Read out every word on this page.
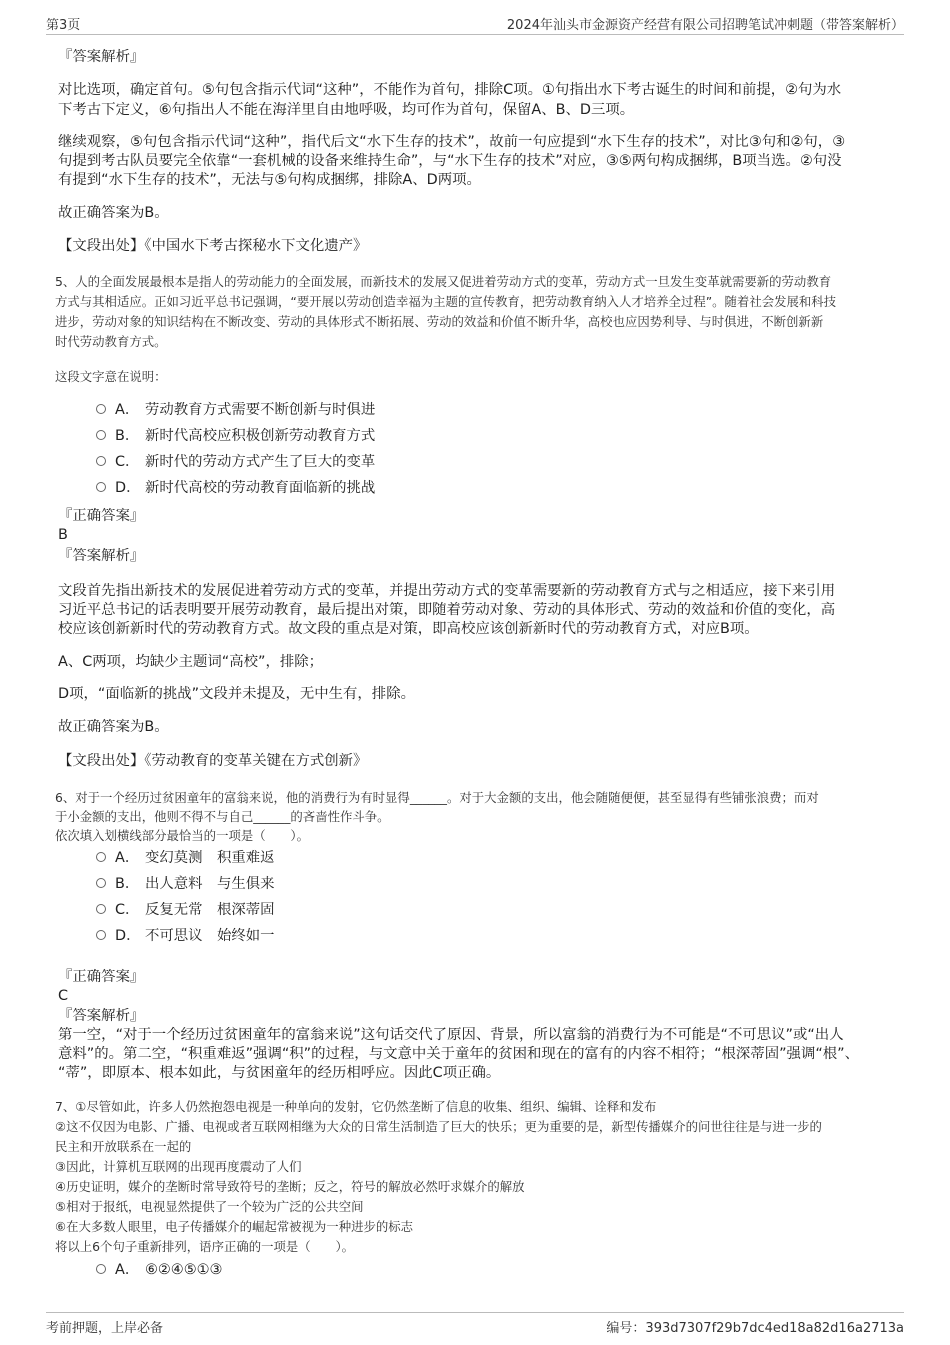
第3页	2024年汕头市金源资产经营有限公司招聘笔试冲刺题（带答案解析）
『答案解析』
对比选项，确定首句。⑤句包含指示代词“这种”，不能作为首句，排除C项。①句指出水下考古诞生的时间和前提，②句为水
下考古下定义，⑥句指出人不能在海洋里自由地呼吸，均可作为首句，保留A、B、D三项。
继续观察，⑤句包含指示代词“这种”，指代后文“水下生存的技术”，故前一句应提到“水下生存的技术”，对比③句和②句，③
句提到考古队员要完全依靠“一套机械的设备来维持生命”，与“水下生存的技术”对应，③⑤两句构成捆绑，B项当选。②句没
有提到“水下生存的技术”，无法与⑤句构成捆绑，排除A、D两项。
故正确答案为B。
【文段出处】《中国水下考古探秘水下文化遗产》
5、人的全面发展最根本是指人的劳动能力的全面发展，而新技术的发展又促进着劳动方式的变革，劳动方式一旦发生变革就需要新的劳动教育
方式与其相适应。正如习近平总书记强调，“要开展以劳动创造幸福为主题的宣传教育，把劳动教育纳入人才培养全过程”。随着社会发展和科技
进步，劳动对象的知识结构在不断改变、劳动的具体形式不断拓展、劳动的效益和价值不断升华，高校也应因势利导、与时俱进，不断创新新
时代劳动教育方式。
这段文字意在说明：
A． 劳动教育方式需要不断创新与时俱进
B． 新时代高校应积极创新劳动教育方式
C． 新时代的劳动方式产生了巨大的变革
D． 新时代高校的劳动教育面临新的挑战
『正确答案』
B
『答案解析』
文段首先指出新技术的发展促进着劳动方式的变革，并提出劳动方式的变革需要新的劳动教育方式与之相适应，接下来引用
习近平总书记的话表明要开展劳动教育，最后提出对策，即随着劳动对象、劳动的具体形式、劳动的效益和价值的变化，高
校应该创新新时代的劳动教育方式。故文段的重点是对策，即高校应该创新新时代的劳动教育方式，对应B项。
A、C两项，均缺少主题词“高校”，排除；
D项，“面临新的挑战”文段并未提及，无中生有，排除。
故正确答案为B。
【文段出处】《劳动教育的变革关键在方式创新》
6、对于一个经历过贫困童年的富翁来说，他的消费行为有时显得______。对于大金额的支出，他会随随便便，甚至显得有些铺张浪费；而对
于小金额的支出，他则不得不与自己______的吝啬性作斗争。
依次填入划横线部分最恰当的一项是（　　）。
A． 变幻莫测　积重难返
B． 出人意料　与生俱来
C． 反复无常　根深蒂固
D． 不可思议　始终如一
『正确答案』
C
『答案解析』
第一空，“对于一个经历过贫困童年的富翁来说”这句话交代了原因、背景，所以富翁的消费行为不可能是“不可思议”或“出人
意料”的。第二空，“积重难返”强调“积”的过程，与文意中关于童年的贫困和现在的富有的内容不相符；“根深蒂固”强调“根”、
“蒂”，即原本、根本如此，与贫困童年的经历相呼应。因此C项正确。
7、①尽管如此，许多人仍然抱怨电视是一种单向的发射，它仍然垄断了信息的收集、组织、编辑、诠释和发布
②这不仅因为电影、广播、电视或者互联网相继为大众的日常生活制造了巨大的快乐；更为重要的是，新型传播媒介的问世往往是与进一步的
民主和开放联系在一起的
③因此，计算机互联网的出现再度震动了人们
④历史证明，媒介的垄断时常导致符号的垄断；反之，符号的解放必然吁求媒介的解放
⑤相对于报纸，电视显然提供了一个较为广泛的公共空间
⑥在大多数人眼里，电子传播媒介的崛起常被视为一种进步的标志
将以上6个句子重新排列，语序正确的一项是（　　）。
A． ⑥②④⑤①③
考前押题，上岸必备	编号：393d7307f29b7dc4ed18a82d16a2713a
